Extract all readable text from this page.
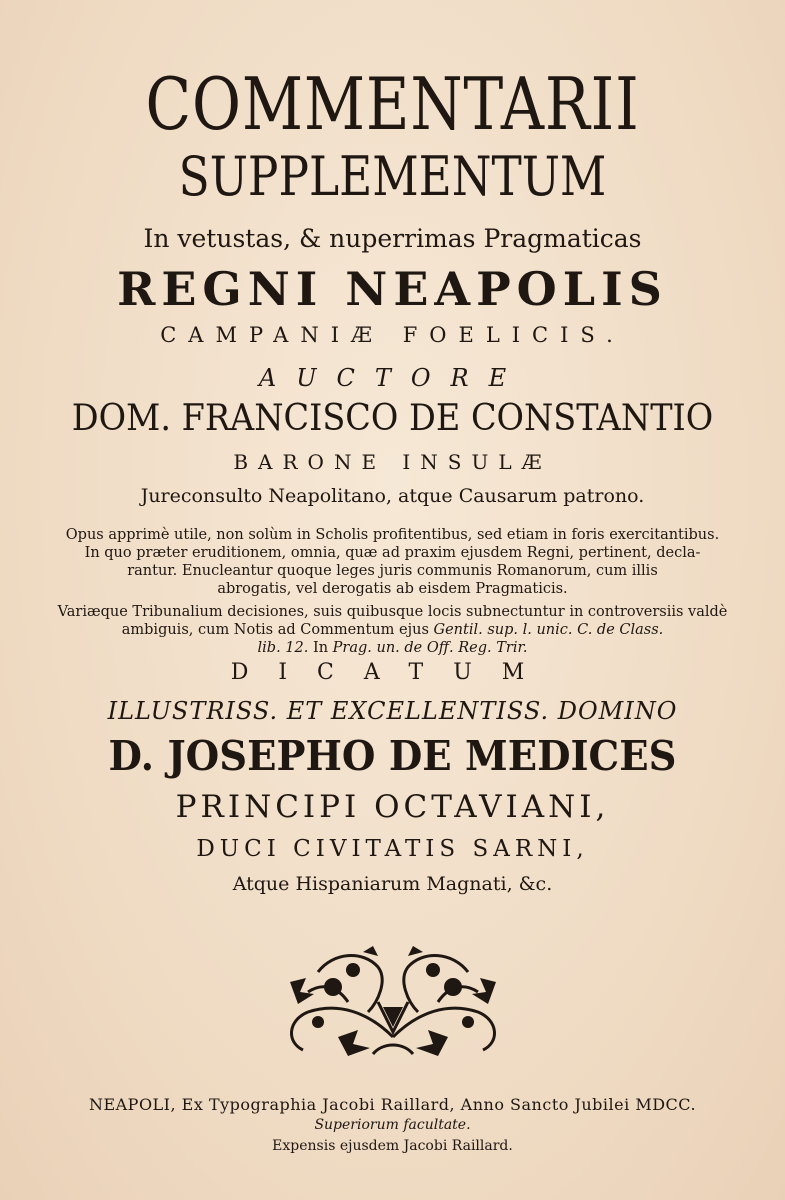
COMMENTARII
SUPPLEMENTUM
In vetustas, & nuperrimas Pragmaticas
REGNI NEAPOLIS
CAMPANIÆ FOELICIS.
AUCTORE
DOM. FRANCISCO DE CONSTANTIO
BARONE INSULÆ
Jureconsulto Neapolitano, atque Causarum patrono.
Opus apprimè utile, non solùm in Scholis profitentibus, sed etiam in foris exercitantibus.
In quo præter eruditionem, omnia, quæ ad praxim ejusdem Regni, pertinent, decla-
rantur. Enucleantur quoque leges juris communis Romanorum, cum illis
abrogatis, vel derogatis ab eisdem Pragmaticis.
Variæque Tribunalium decisiones, suis quibusque locis subnectuntur in controversiis valdè
ambiguis, cum Notis ad Commentum ejus Gentil. sup. l. unic. C. de Class.
lib. 12. In Prag. un. de Off. Reg. Trir.
DICATUM
ILLUSTRISS. ET EXCELLENTISS. DOMINO
D. JOSEPHO DE MEDICES
PRINCIPI OCTAVIANI,
DUCI CIVITATIS SARNI,
Atque Hispaniarum Magnati, &c.
NEAPOLI, Ex Typographia Jacobi Raillard, Anno Sancto Jubilei MDCC.
Superiorum facultate.
Expensis ejusdem Jacobi Raillard.
